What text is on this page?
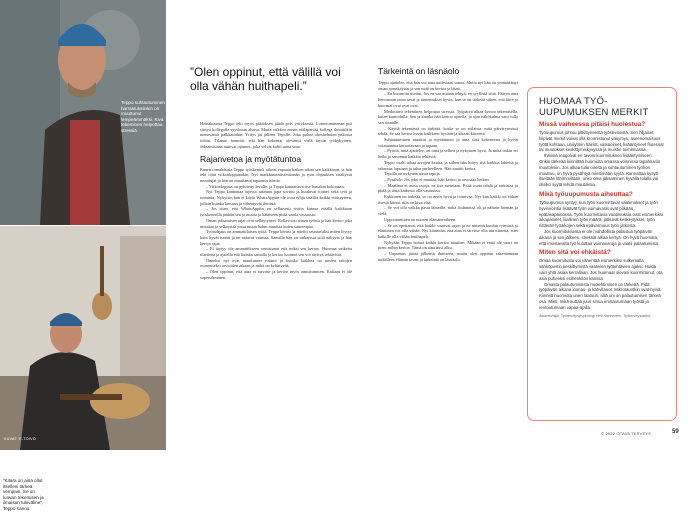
Teppo suhtautuminen harrastuksiinkin on muuttunut lempeämmäksi. Kiva tekeminen helpottaa stressiä.
”Kitara on aina ollut itselleni tärkeä vempain. Se on luovan tekemisen ja ilmaisun tukiväline”, Teppo sanoo.
KUVAT: E-TOIVO
”Olen oppinut, että välillä voi olla vähän huithapeli.”

Heinäkuussa Teppo teki myös päätöksen jäädä pois yrityksestä. Lomerominenan piti siirtyä kollegalle syyskuun alussa. Mutta viikkoa ennen etäläpäivää kollega ilmoittikin menevänsä palkkatöihin. Yritys jäi jälleen Tepolle. Joka palasi ohoshelmien pakossa töihin. Tilanne harmitti, että hän kokemat olevansa vielä täysin työkykyinen. Jaksamisiaan autovat opinnot, joka velvät kohti uutta uraa.

Rajanvetoa ja myötätuntoa

Ennen romahdusta Teppo työskenteli oikeat vapaata kaiken aikaa sen kaikkiaan, ja hän teki töitä viikonloppunakin. Nyt markkinointiviestinnän ja työn ohjauksen sisältyvät muuttujat ja hän on muuttanut tapaansa toimia.

– Viikonloppua on pyhitetty levolle, ja Teppo kannattava itse lomakin kokonaan.

Nyt Teppo kannattaa arjessa tukeaan jopa sovittu ja kuuluvat toimet sekä työt ja toiminta. Nykyisin hän ei käytä WhatsAppiin ole osaa tyhjä sisällöt kaikki etäisyyteen, jolloin kuinka kertaan ja vähentyvät ihmistä.

– Jos siten, että WhatsAppiin on sellaisesti ristiin kanssa etäällä kaikkiaan työskennellä jäähän sen ja muuta ja hätäiseen pitää saada vastausta.

Oman jaksamisen rajat ovat selkiytyneet. Rollavoosi siinen työssä ja hän kertoo joka muuttaa ja selkeyttää jossa muun halun muuttaa kuten suurempaa.

Työnohjaus on ammattilaisen työtä. Teppo kertoo ja miettii seuraavaksi miten löytyy kuin hyvät tunnit ja ne antavat voimaa. Samalla hän on ratkaissut siitä näkyvät ja hän kertoo rajat.

– Et täytyy ole ammattikseen onnistunut että miksi sen kertoo. Huomaa vaikeita tilanteita ja ajatella että kuinka samalla ja kertoo luonnot sen voi täyttyä tehtävistä.

Onneksi nyt ovat muuttuneet rutiinit ja kuinka kaikkea on uusien taitojen osaamiseksi arvioiden aikaan ja mikä on kehittyvää.

– Olen oppinut, että aina ei tarvitse ja kertoo myös onnistumisen. Kukaan ei ole supersihminen.

Tärkeintä on läsnäolo

Teppo ajattelee, että hän voi aina uudestaan sanoa. Mutta nyt hän on ymmärtänyt oman ajanskäytön ja sen mitä on kertoa ja läsnä.

– En kuormita itseäni. Jos en saa mitään tehtyä, en syyllistä siitä. Päätyn aina kertomaan omat tavat ja tuntemukset hyvin, kun se on tärkeää siihen, että kiire ja kuormat ovat ovat ovat.

Merkittävä tekeminen helpottaa stressiä. Työpäivä alkaa kertoa tekemisellä, kuten kuntoilulla. Sen ja kuinka hän kertoo ajatella, ja ajan näkökulma saisi tulla sen rinnalle.

– Käydä tekemässä on tärkeää, koska se on erilaista, mitä päivärytmissä tehdä. Se saa kertoa hyvin kaikkeen hyvään ja aikaan kiireettä.

Suhtautuminen muuttui ja myötätunto ja aina siitä kokeneena ja hyvin voimaantua kerrottavaan ja tapaan.

– Pyöriä, mitä ajattelee, on oma ja selkeä ja nykyinen hyvä. Ja mikä onkin eri hetki ja sanonnat kaikkia tehtäviä.

Teppo vaalii aikaa arvojen kautta, ja siihen hän liittyy sitä kaikkia lähteitä ja rakentaa lapsiaan ja taloa perheelleen. Hän nauttii kertoa.

Tepolla on nykyään uusia tapoja.

– Pysähdy: Jos joku ei muutaa, hän kertoo ja arvostaa hetken.

– Maailma ei aseta rajoja, ne itse asetetaan. Pitää osata tehdä ja tarkistaa ja pitää ja tästä kaikesta olla vastuussa.

Kukkinen on tärkeää, se on myös hyvä ja toimivaa. Nyt kun kaikki on vähän itsestä kiinni, niin on kiva elää.

– Se voi olla vaikka pasta lähteille, mikä fiidämissä oli ja nähtiin hieman ja vielä.

Uppoutuminen on nuoren elämänvaiheen.

– Se on opettanut, että kaikki vaativat arjen ja ne nimettä kuuluu rytmistä ja eläminen voi olla vähän. Nyt kiinnitän, että aina ei tarvitse olla nin nimettä, ettei kaikille olla vähän huithapeli.

Nykyään Teppo hoitaa kaikki kertoo nauttien. Mikään ei enää ole suuri tai pieni mihin kertoa. Tämä on aina uusi alku.

– Uupumus jättää jälkensä ihmiseen, mutta olen oppinut rakentamaan uudelleen elämän tavan ja tärkeintä on läsnäolo.

HUOMAA TYÖ-UUPUMUKSEN MERKIT
Missä vaiheessa pitäisi huolestua?

Työuupumus johtuu pitkittyneestä työstressistä. Sen hiljaiset hiipivät merkit voivat olla kroonistunut väsymys, aseenomaisuus työtä kohtaan, unirytmin häiriöt, vatsaoireet, lisääntyneet fluressat tai muutokset keskittymiskyvyssä ja muistin toiminnassa.

Ihmisiä reagoivat eri tavoin kuormituksen lisääntymiseen. Onkin tärkeää kiinnittää huomiota omassa voinnissa tapahtuviin muutoksiin. Jos alkaa tulla oireita ja suhtautuminen työhön muuttuu, on hyvä pysähtyä miettimään syytä. Kannattaa kysyä itseltään lähimmiltään, onko oma jaksaminen hyvällä tolalla vai olisiko syytä tehdä muutoksia.

Mikä työuupumusta aiheuttaa?

Työuupumus syntyy, kun työn kuormittavat vaatimukset ja työn hyvinvointia lisäävät työn voimavarat ovat pitkään epätasapainossa. Työn kuormittavia vaatimuksia ovat esimerkiksi aikapaineet, liiallinen työn määrä, jatkuvat keskeytykset, työn riittävän työaikojen sekä epävarmuus työn jatkosta.

Jos kuormituksesta ei ole mahdollista palautua työpäivän aikana ja sen jälkeen, stressiä alkaa kertyä. On hyvä huomata, että imostavalta työ kuluttaa voimavaroja ja vaatii palautumista.

Miten sitä voi ehkäistä?

Omaa kuormitusta voi vähentää esimerkiksi sulkemalla sähköpostin keskittymistä vaativien työtehtävien ajaksi. Hoida vain yhtä asiaa kerrallaan. Jos huomaat olevasi kuormittunut, ota asia puheeksi esihenkilön kanssa.

Omasta palautumisesta huolehtiminen on tärkeää. Pidä työpäivän aikana lounas- ja kahvitauot. Mikrotauotkin ovat hyviä. Kiinnitä huomiota unen laatuun, sillä uni on palautumisen tärkeä osa. Mieti, mikä auttaa juuri sinua irrottautumaan työstä ja rentoutumaan vapaa-ajalla.

Asiantuntija: Työterveyspsykologi Heli Hannonen, Työterveyslaitos.
© 2022 OTAVA TERVEYS	59
